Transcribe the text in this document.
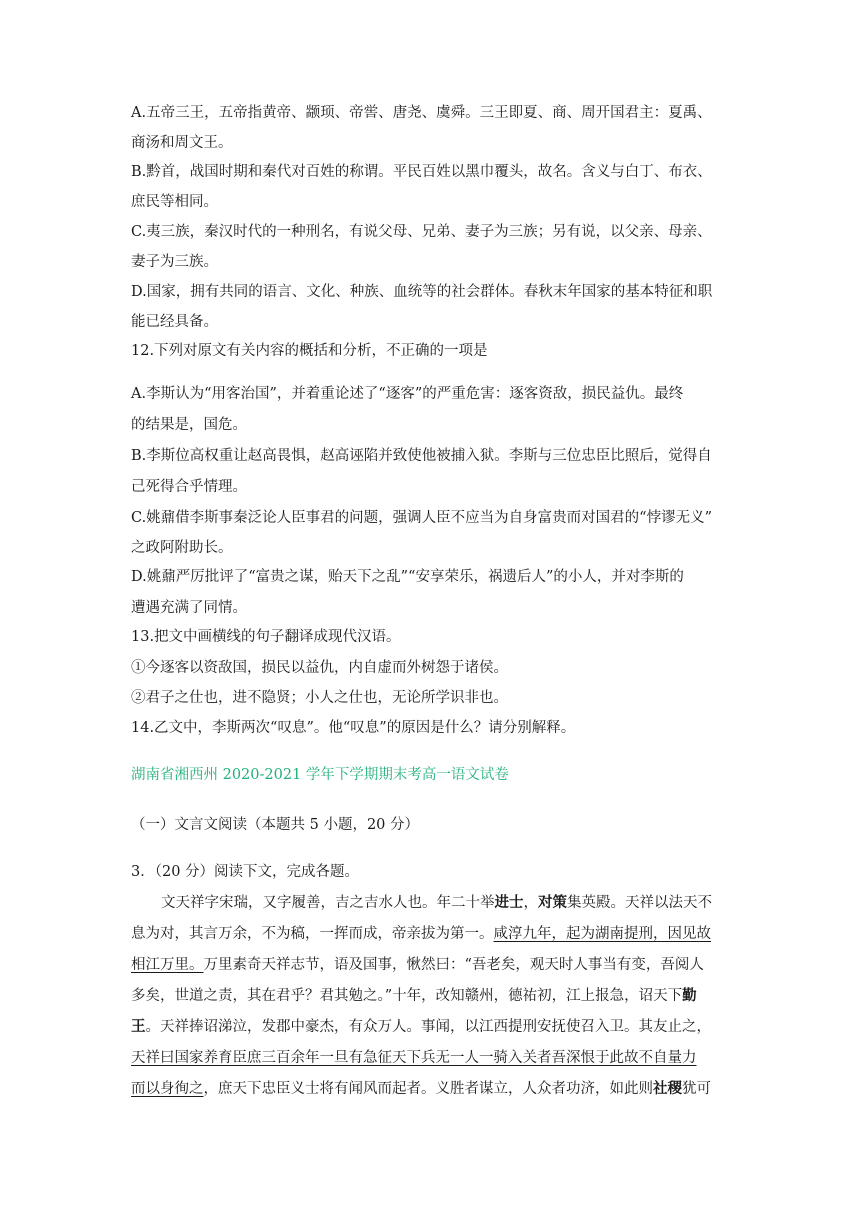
A.五帝三王，五帝指黄帝、颛顼、帝喾、唐尧、虞舜。三王即夏、商、周开国君主：夏禹、
商汤和周文王。
B.黔首，战国时期和秦代对百姓的称谓。平民百姓以黑巾覆头，故名。含义与白丁、布衣、
庶民等相同。
C.夷三族，秦汉时代的一种刑名，有说父母、兄弟、妻子为三族；另有说，以父亲、母亲、
妻子为三族。
D.国家，拥有共同的语言、文化、种族、血统等的社会群体。春秋末年国家的基本特征和职
能已经具备。
12.下列对原文有关内容的概括和分析，不正确的一项是
A.李斯认为“用客治国”，并着重论述了“逐客”的严重危害：逐客资敌，损民益仇。最终
的结果是，国危。
B.李斯位高权重让赵高畏惧，赵高诬陷并致使他被捕入狱。李斯与三位忠臣比照后，觉得自
己死得合乎情理。
C.姚鼐借李斯事秦泛论人臣事君的问题，强调人臣不应当为自身富贵而对国君的“悖谬无义”
之政阿附助长。
D.姚鼐严厉批评了“富贵之谋，贻天下之乱”“安享荣乐，祸遗后人”的小人，并对李斯的
遭遇充满了同情。
13.把文中画横线的句子翻译成现代汉语。
①今逐客以资敌国，损民以益仇，内自虚而外树怨于诸侯。
②君子之仕也，进不隐贤；小人之仕也，无论所学识非也。
14.乙文中，李斯两次“叹息”。他“叹息”的原因是什么？请分别解释。
湖南省湘西州 2020-2021 学年下学期期末考高一语文试卷
（一）文言文阅读（本题共 5 小题，20 分）
3．（20 分）阅读下文，完成各题。
文天祥字宋瑞，又字履善，吉之吉水人也。年二十举进士，对策集英殿。天祥以法天不
息为对，其言万余，不为稿，一挥而成，帝亲拔为第一。咸淳九年，起为湖南提刑，因见故
相江万里。万里素奇天祥志节，语及国事，愀然曰：“吾老矣，观天时人事当有变，吾阅人
多矣，世道之责，其在君乎？君其勉之。”十年，改知赣州，德祐初，江上报急，诏天下勤
王。天祥捧诏涕泣，发郡中豪杰，有众万人。事闻，以江西提刑安抚使召入卫。其友止之，
天祥曰国家养育臣庶三百余年一旦有急征天下兵无一人一骑入关者吾深恨于此故不自量力
而以身徇之，庶天下忠臣义士将有闻风而起者。义胜者谋立，人众者功济，如此则社稷犹可
